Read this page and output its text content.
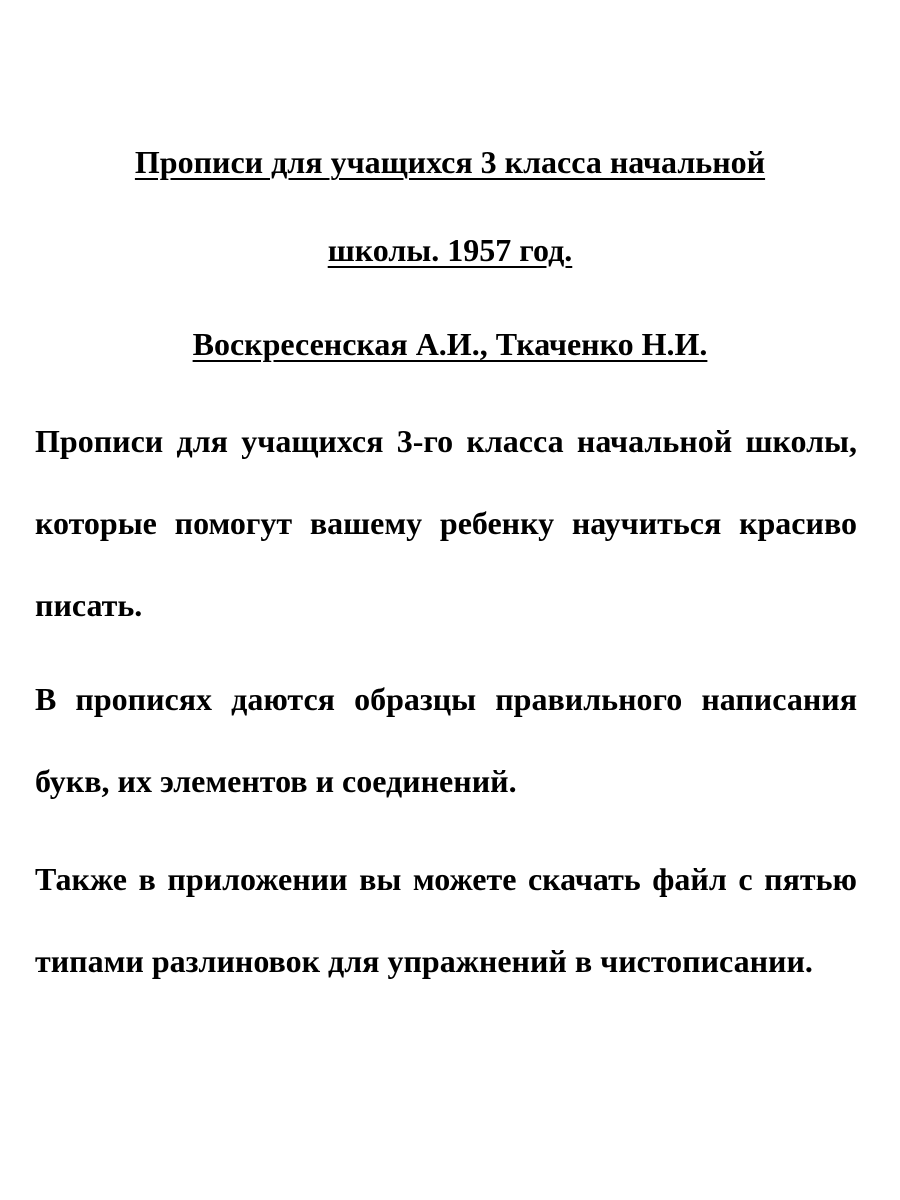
Прописи для учащихся 3 класса начальной
школы. 1957 год.
Воскресенская А.И., Ткаченко Н.И.

Прописи для учащихся 3-го класса начальной школы, которые помогут вашему ребенку научиться красиво писать.

В прописях даются образцы правильного написания букв, их элементов и соединений.

Также в приложении вы можете скачать файл с пятью типами разлиновок для упражнений в чистописании.
